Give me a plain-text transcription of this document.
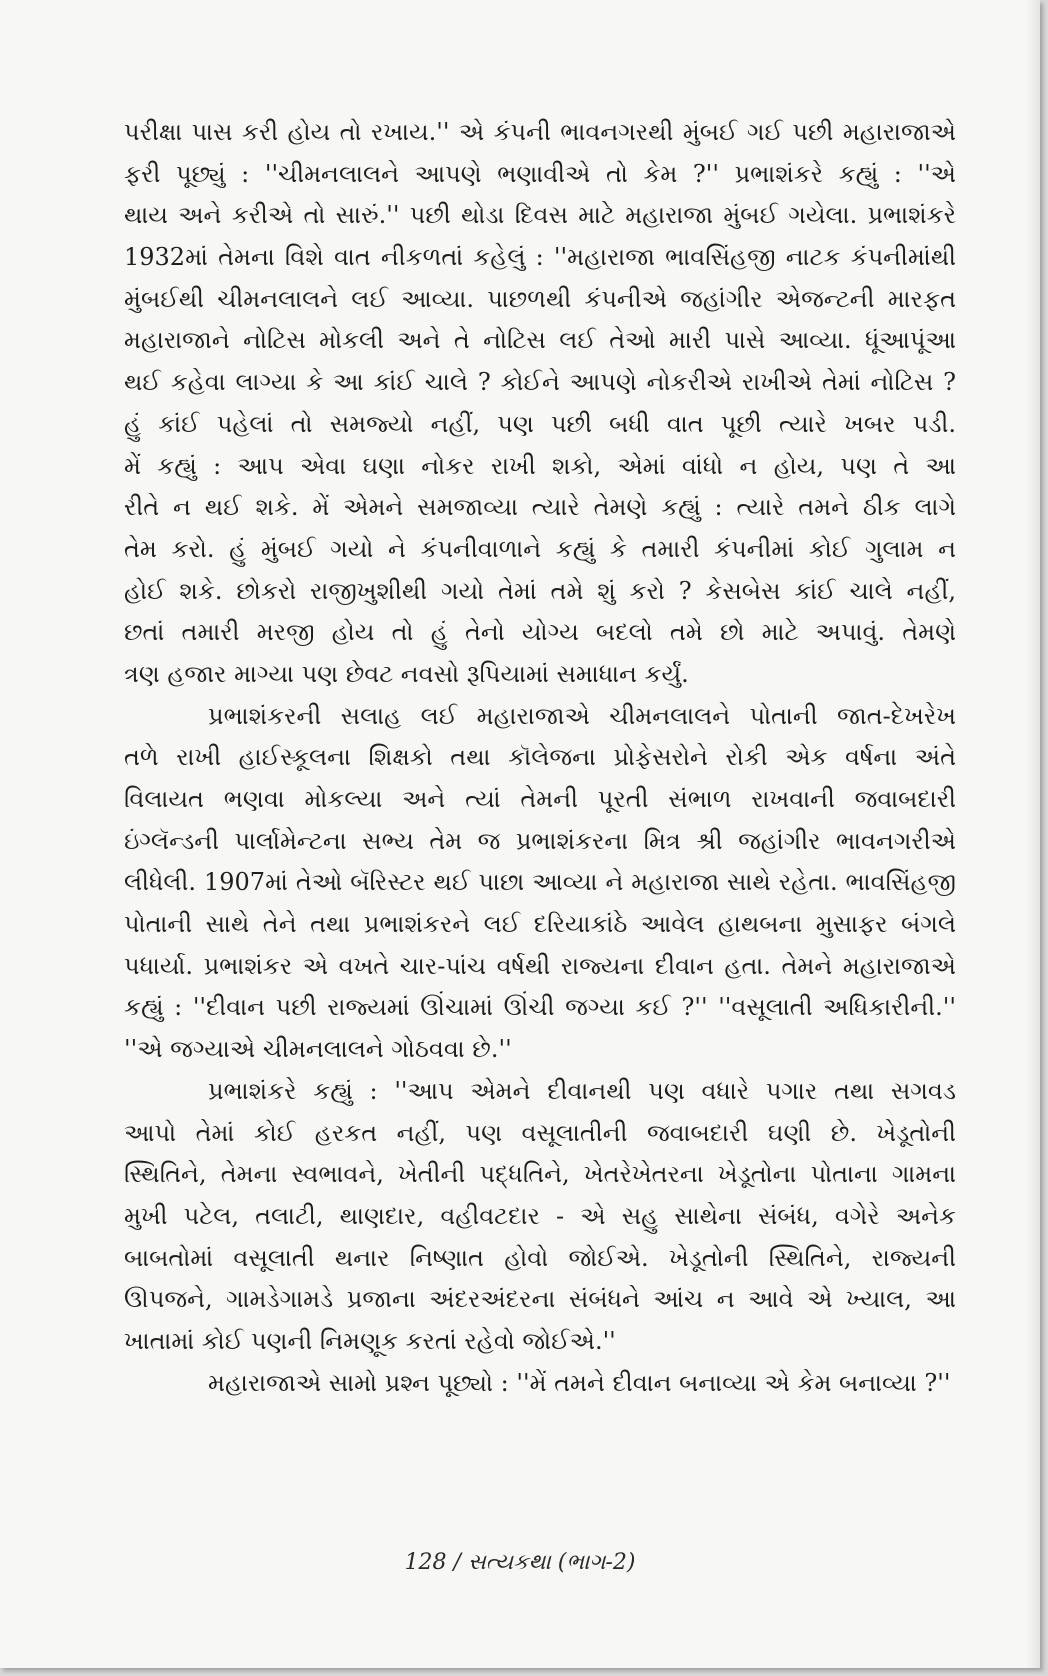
પરીક્ષા પાસ કરી હોય તો રખાય.'' એ કંપની ભાવનગરથી મુંબઈ ગઈ પછી મહારાજાએ
ફરી પૂછ્યું : ''ચીમનલાલને આપણે ભણાવીએ તો કેમ ?'' પ્રભાશંકરે કહ્યું : ''એ
થાય અને કરીએ તો સારું.'' પછી થોડા દિવસ માટે મહારાજા મુંબઈ ગયેલા. પ્રભાશંકરે
1932માં તેમના વિશે વાત નીકળતાં કહેલું : ''મહારાજા ભાવસિંહજી નાટક કંપનીમાંથી
મુંબઈથી ચીમનલાલને લઈ આવ્યા. પાછળથી કંપનીએ જહાંગીર એજન્ટની મારફત
મહારાજાને નોટિસ મોકલી અને તે નોટિસ લઈ તેઓ મારી પાસે આવ્યા. ધૂંઆપૂંઆ
થઈ કહેવા લાગ્યા કે આ કાંઈ ચાલે ? કોઈને આપણે નોકરીએ રાખીએ તેમાં નોટિસ ?
હું કાંઈ પહેલાં તો સમજ્યો નહીં, પણ પછી બધી વાત પૂછી ત્યારે ખબર પડી.
મેં કહ્યું : આપ એવા ઘણા નોકર રાખી શકો, એમાં વાંધો ન હોય, પણ તે આ
રીતે ન થઈ શકે. મેં એમને સમજાવ્યા ત્યારે તેમણે કહ્યું : ત્યારે તમને ઠીક લાગે
તેમ કરો. હું મુંબઈ ગયો ને કંપનીવાળાને કહ્યું કે તમારી કંપનીમાં કોઈ ગુલામ ન
હોઈ શકે. છોકરો રાજીખુશીથી ગયો તેમાં તમે શું કરો ? કેસબેસ કાંઈ ચાલે નહીં,
છતાં તમારી મરજી હોય તો હું તેનો યોગ્ય બદલો તમે છો માટે અપાવું. તેમણે
ત્રણ હજાર માગ્યા પણ છેવટ નવસો રૂપિયામાં સમાધાન કર્યું.
પ્રભાશંકરની સલાહ લઈ મહારાજાએ ચીમનલાલને પોતાની જાત-દેખરેખ
તળે રાખી હાઈસ્કૂલના શિક્ષકો તથા કૉલેજના પ્રોફેસરોને રોકી એક વર્ષના અંતે
વિલાયત ભણવા મોકલ્યા અને ત્યાં તેમની પૂરતી સંભાળ રાખવાની જવાબદારી
ઇંગ્લૅન્ડની પાર્લામેન્ટના સભ્ય તેમ જ પ્રભાશંકરના મિત્ર શ્રી જહાંગીર ભાવનગરીએ
લીધેલી. 1907માં તેઓ બૅરિસ્ટર થઈ પાછા આવ્યા ને મહારાજા સાથે રહેતા. ભાવસિંહજી
પોતાની સાથે તેને તથા પ્રભાશંકરને લઈ દરિયાકાંઠે આવેલ હાથબના મુસાફર બંગલે
પધાર્યા. પ્રભાશંકર એ વખતે ચાર-પાંચ વર્ષથી રાજ્યના દીવાન હતા. તેમને મહારાજાએ
કહ્યું : ''દીવાન પછી રાજ્યમાં ઊંચામાં ઊંચી જગ્યા કઈ ?'' ''વસૂલાતી અધિકારીની.''
''એ જગ્યાએ ચીમનલાલને ગોઠવવા છે.''
પ્રભાશંકરે કહ્યું : ''આપ એમને દીવાનથી પણ વધારે પગાર તથા સગવડ
આપો તેમાં કોઈ હરકત નહીં, પણ વસૂલાતીની જવાબદારી ઘણી છે. ખેડૂતોની
સ્થિતિને, તેમના સ્વભાવને, ખેતીની પદ્ધતિને, ખેતરેખેતરના ખેડૂતોના પોતાના ગામના
મુખી પટેલ, તલાટી, થાણદાર, વહીવટદાર - એ સહુ સાથેના સંબંધ, વગેરે અનેક
બાબતોમાં વસૂલાતી થનાર નિષ્ણાત હોવો જોઈએ. ખેડૂતોની સ્થિતિને, રાજ્યની
ઊપજને, ગામડેગામડે પ્રજાના અંદરઅંદરના સંબંધને આંચ ન આવે એ ખ્યાલ, આ
ખાતામાં કોઈ પણની નિમણૂક કરતાં રહેવો જોઈએ.''
મહારાજાએ સામો પ્રશ્ન પૂછ્યો : ''મેં તમને દીવાન બનાવ્યા એ કેમ બનાવ્યા ?''
128 / સત્યકથા (ભાગ-2)
